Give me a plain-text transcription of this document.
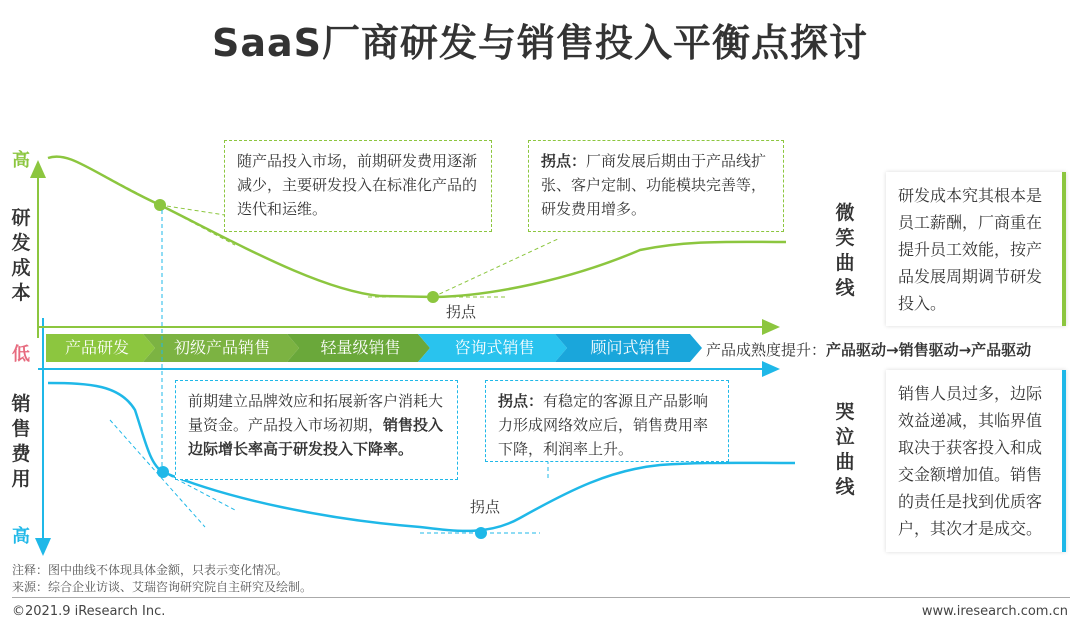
SaaS厂商研发与销售投入平衡点探讨
高
研发成本
低
销售费用
高
产品研发	初级产品销售	轻量级销售	咨询式销售	顾问式销售	产品成熟度提升：产品驱动→销售驱动→产品驱动
随产品投入市场，前期研发费用逐渐减少，主要研发投入在标准化产品的迭代和运维。
拐点：厂商发展后期由于产品线扩张、客户定制、功能模块完善等，研发费用增多。
拐点
前期建立品牌效应和拓展新客户消耗大量资金。产品投入市场初期，销售投入边际增长率高于研发投入下降率。
拐点：有稳定的客源且产品影响力形成网络效应后，销售费用率下降，利润率上升。
拐点
微笑曲线
哭泣曲线
研发成本究其根本是员工薪酬，厂商重在提升员工效能，按产品发展周期调节研发投入。
销售人员过多，边际效益递减，其临界值取决于获客投入和成交金额增加值。销售的责任是找到优质客户，其次才是成交。
注释：图中曲线不体现具体金额，只表示变化情况。
来源：综合企业访谈、艾瑞咨询研究院自主研究及绘制。
©2021.9 iResearch Inc.	www.iresearch.com.cn
